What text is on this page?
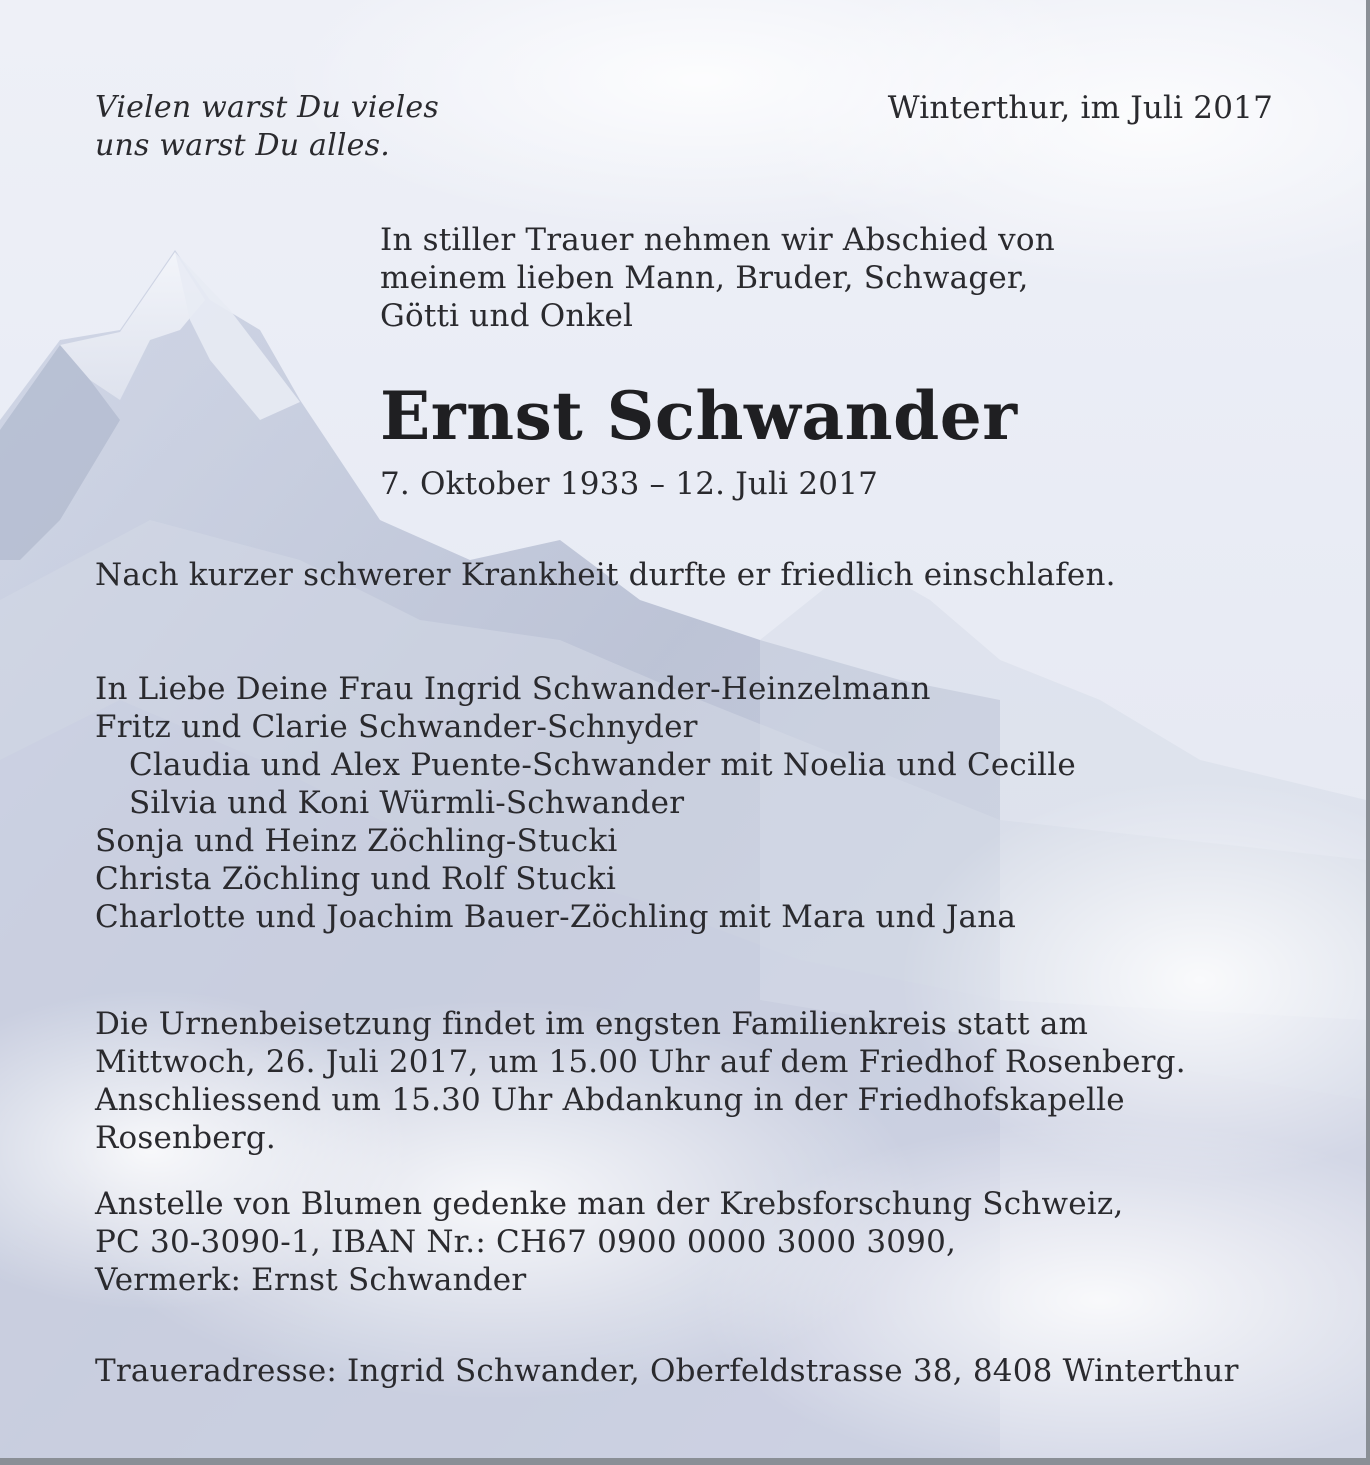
Vielen warst Du vieles
uns warst Du alles.
Winterthur, im Juli 2017
In stiller Trauer nehmen wir Abschied von
meinem lieben Mann, Bruder, Schwager,
Götti und Onkel
Ernst Schwander
7. Oktober 1933 – 12. Juli 2017
Nach kurzer schwerer Krankheit durfte er friedlich einschlafen.
In Liebe Deine Frau Ingrid Schwander-Heinzelmann
Fritz und Clarie Schwander-Schnyder
Claudia und Alex Puente-Schwander mit Noelia und Cecille
Silvia und Koni Würmli-Schwander
Sonja und Heinz Zöchling-Stucki
Christa Zöchling und Rolf Stucki
Charlotte und Joachim Bauer-Zöchling mit Mara und Jana
Die Urnenbeisetzung findet im engsten Familienkreis statt am
Mittwoch, 26. Juli 2017, um 15.00 Uhr auf dem Friedhof Rosenberg.
Anschliessend um 15.30 Uhr Abdankung in der Friedhofskapelle
Rosenberg.
Anstelle von Blumen gedenke man der Krebsforschung Schweiz,
PC 30-3090-1, IBAN Nr.: CH67 0900 0000 3000 3090,
Vermerk: Ernst Schwander
Traueradresse: Ingrid Schwander, Oberfeldstrasse 38, 8408 Winterthur
